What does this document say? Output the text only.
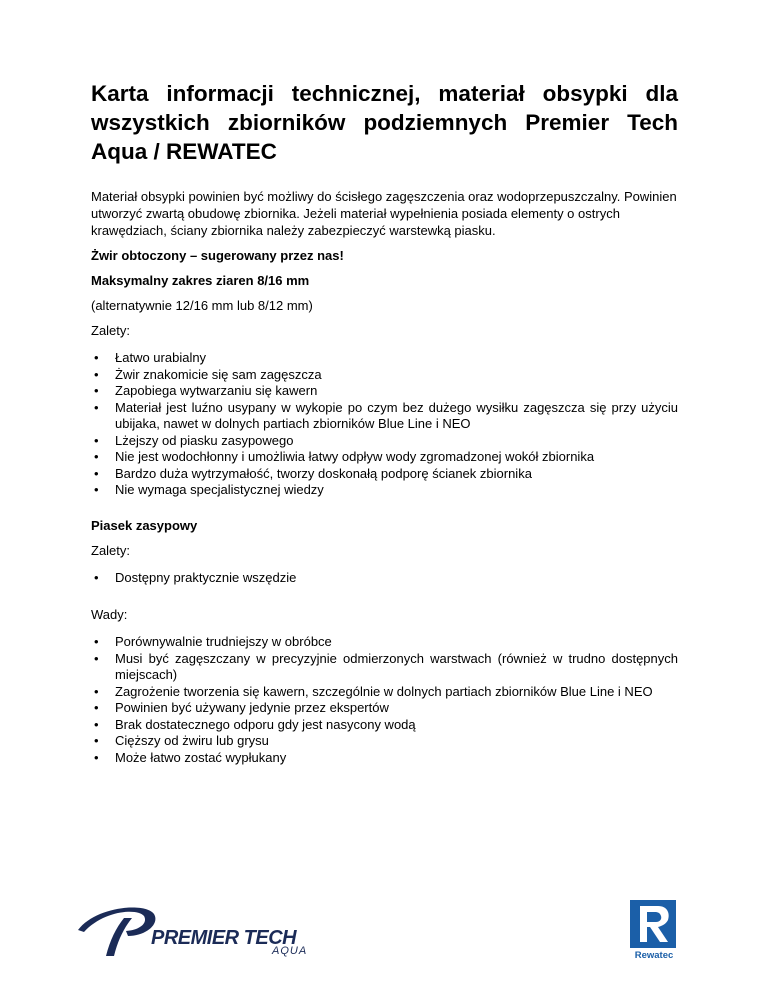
Karta informacji technicznej, materiał obsypki dla wszystkich zbiorników podziemnych Premier Tech Aqua / REWATEC

Materiał obsypki powinien być możliwy do ścisłego zagęszczenia oraz wodoprzepuszczalny. Powinien utworzyć zwartą obudowę zbiornika. Jeżeli materiał wypełnienia posiada elementy o ostrych krawędziach, ściany zbiornika należy zabezpieczyć warstewką piasku.

Żwir obtoczony – sugerowany przez nas!

Maksymalny zakres ziaren 8/16 mm

(alternatywnie 12/16 mm lub 8/12 mm)

Zalety:

• Łatwo urabialny
• Żwir znakomicie się sam zagęszcza
• Zapobiega wytwarzaniu się kawern
• Materiał jest luźno usypany w wykopie po czym bez dużego wysiłku zagęszcza się przy użyciu ubijaka, nawet w dolnych partiach zbiorników Blue Line i NEO
• Lżejszy od piasku zasypowego
• Nie jest wodochłonny i umożliwia łatwy odpływ wody zgromadzonej wokół zbiornika
• Bardzo duża wytrzymałość, tworzy doskonałą podporę ścianek zbiornika
• Nie wymaga specjalistycznej wiedzy

Piasek zasypowy

Zalety:

• Dostępny praktycznie wszędzie

Wady:

• Porównywalnie trudniejszy w obróbce
• Musi być zagęszczany w precyzyjnie odmierzonych warstwach (również w trudno dostępnych miejscach)
• Zagrożenie tworzenia się kawern, szczególnie w dolnych partiach zbiorników Blue Line i NEO
• Powinien być używany jedynie przez ekspertów
• Brak dostatecznego odporu gdy jest nasycony wodą
• Cięższy od żwiru lub grysu
• Może łatwo zostać wypłukany
PREMIER TECH
AQUA	Rewatec
